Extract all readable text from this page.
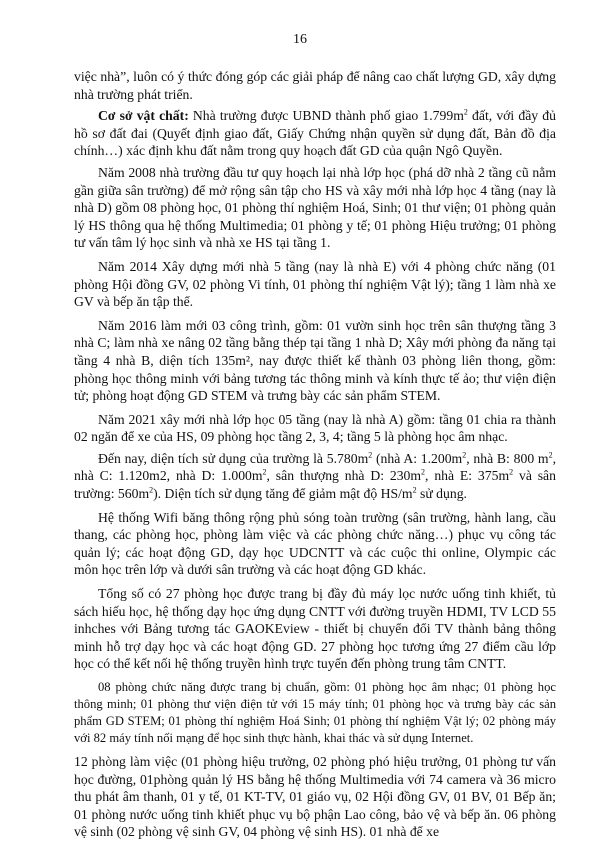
16

việc nhà”, luôn có ý thức đóng góp các giải pháp để nâng cao chất lượng GD, xây dựng nhà trường phát triển.

Cơ sở vật chất: Nhà trường được UBND thành phố giao $1.799m^2$ đất, với đầy đủ hồ sơ đất đai (Quyết định giao đất, Giấy Chứng nhận quyền sử dụng đất, Bản đồ địa chính…) xác định khu đất nằm trong quy hoạch đất GD của quận Ngô Quyền.

Năm 2008 nhà trường đầu tư quy hoạch lại nhà lớp học (phá dỡ nhà 2 tầng cũ nằm gần giữa sân trường) để mở rộng sân tập cho HS và xây mới nhà lớp học 4 tầng (nay là nhà D) gồm 08 phòng học, 01 phòng thí nghiệm Hoá, Sinh; 01 thư viện; 01 phòng quản lý HS thông qua hệ thống Multimedia; 01 phòng y tế; 01 phòng Hiệu trưởng; 01 phòng tư vấn tâm lý học sinh và nhà xe HS tại tầng 1.

Năm 2014 Xây dựng mới nhà 5 tầng (nay là nhà E) với 4 phòng chức năng (01 phòng Hội đồng GV, 02 phòng Vi tính, 01 phòng thí nghiệm Vật lý); tầng 1 làm nhà xe GV và bếp ăn tập thể.

Năm 2016 làm mới 03 công trình, gồm: 01 vườn sinh học trên sân thượng tầng 3 nhà C; làm nhà xe nâng 02 tầng bằng thép tại tầng 1 nhà D; Xây mới phòng đa năng tại tầng 4 nhà B, diện tích 135m², nay được thiết kế thành 03 phòng liên thong, gồm: phòng học thông minh với bảng tương tác thông minh và kính thực tế ảo; thư viện điện tử; phòng hoạt động GD STEM và trưng bày các sản phẩm STEM.

Năm 2021 xây mới nhà lớp học 05 tầng (nay là nhà A) gồm: tầng 01 chia ra thành 02 ngăn để xe của HS, 09 phòng học tầng 2, 3, 4; tầng 5 là phòng học âm nhạc.

Đến nay, diện tích sử dụng của trường là $5.780m^2$ (nhà A: $1.200m^2$, nhà B: 800 $m^2$, nhà C: 1.120m2, nhà D: $1.000m^2$, sân thượng nhà D: $230m^2$, nhà E: $375m^2$ và sân trường: $560m^2$). Diện tích sử dụng tăng để giảm mật độ $HS/m^2$ sử dụng.

Hệ thống Wifi băng thông rộng phủ sóng toàn trường (sân trường, hành lang, cầu thang, các phòng học, phòng làm việc và các phòng chức năng…) phục vụ công tác quản lý; các hoạt động GD, dạy học UDCNTT và các cuộc thi online, Olympic các môn học trên lớp và dưới sân trường và các hoạt động GD khác.

Tổng số có 27 phòng học được trang bị đầy đủ máy lọc nước uống tinh khiết, tủ sách hiếu học, hệ thống dạy học ứng dụng CNTT với đường truyền HDMI, TV LCD 55 inhches với Bảng tương tác GAOKEview - thiết bị chuyển đổi TV thành bảng thông minh hỗ trợ dạy học và các hoạt động GD. 27 phòng học tương ứng 27 điểm cầu lớp học có thể kết nối hệ thống truyền hình trực tuyến đến phòng trung tâm CNTT.

08 phòng chức năng được trang bị chuẩn, gồm: 01 phòng học âm nhạc; 01 phòng học thông minh; 01 phòng thư viện điện tử với 15 máy tính; 01 phòng học và trưng bày các sản phẩm GD STEM; 01 phòng thí nghiệm Hoá Sinh; 01 phòng thí nghiệm Vật lý; 02 phòng máy với 82 máy tính nối mạng để học sinh thực hành, khai thác và sử dụng Internet.

12 phòng làm việc (01 phòng hiệu trưởng, 02 phòng phó hiệu trưởng, 01 phòng tư vấn học đường, 01phòng quản lý HS bằng hệ thống Multimedia với 74 camera và 36 micro thu phát âm thanh, 01 y tế, 01 KT-TV, 01 giáo vụ, 02 Hội đồng GV, 01 BV, 01 Bếp ăn; 01 phòng nước uống tinh khiết phục vụ bộ phận Lao công, bảo vệ và bếp ăn. 06 phòng vệ sinh (02 phòng vệ sinh GV, 04 phòng vệ sinh HS). 01 nhà để xe
